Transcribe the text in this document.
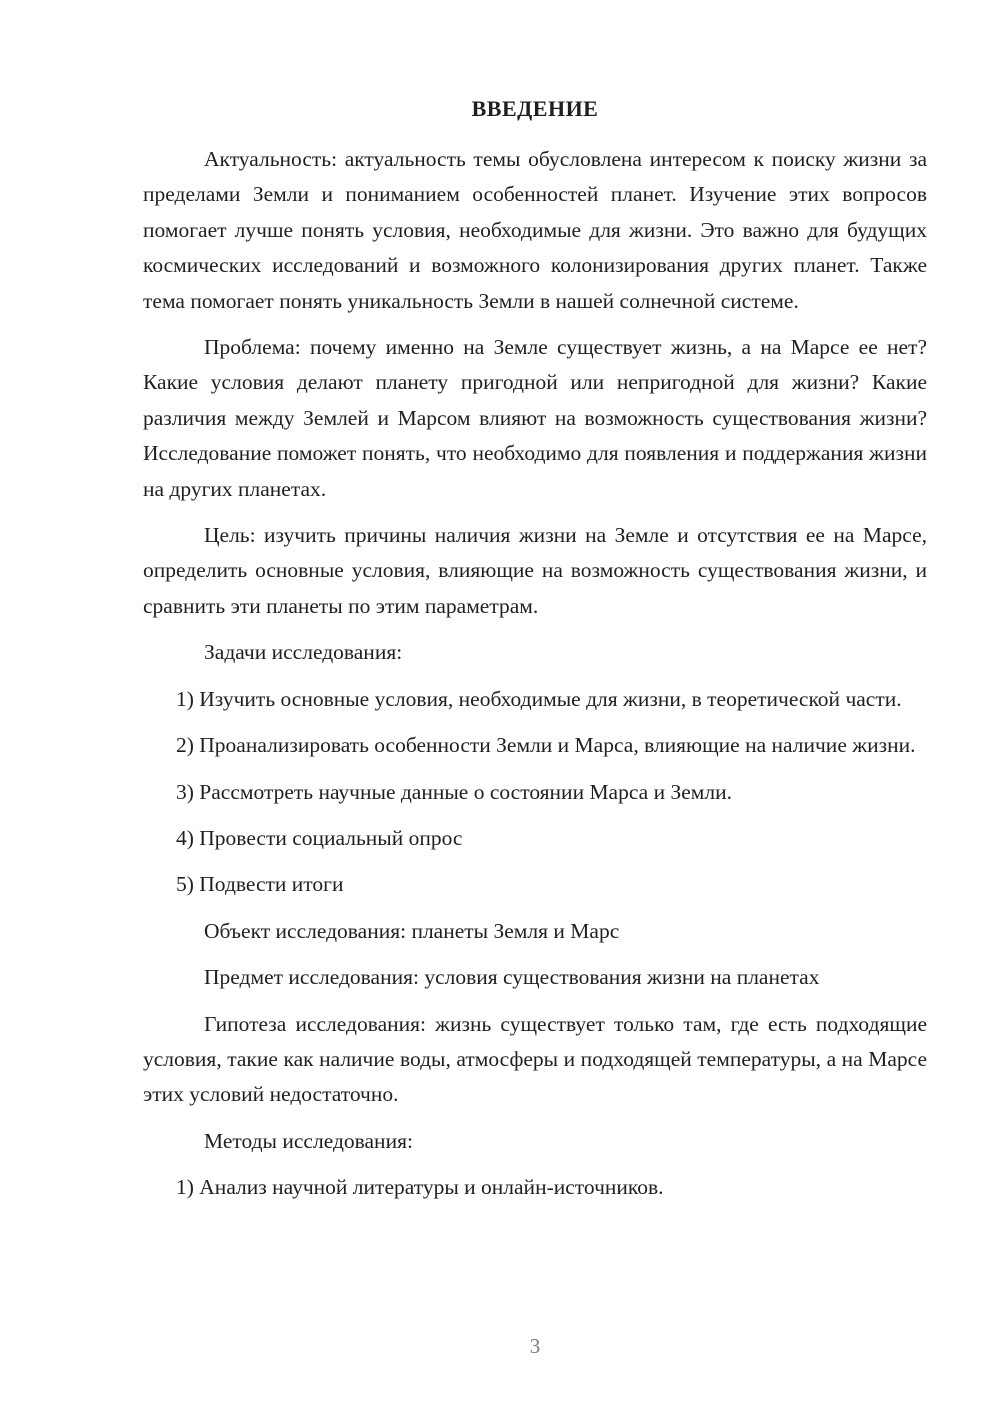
ВВЕДЕНИЕ

Актуальность: актуальность темы обусловлена интересом к поиску жизни за пределами Земли и пониманием особенностей планет. Изучение этих вопросов помогает лучше понять условия, необходимые для жизни. Это важно для будущих космических исследований и возможного колонизирования других планет. Также тема помогает понять уникальность Земли в нашей солнечной системе.

Проблема: почему именно на Земле существует жизнь, а на Марсе ее нет? Какие условия делают планету пригодной или непригодной для жизни? Какие различия между Землей и Марсом влияют на возможность существования жизни? Исследование поможет понять, что необходимо для появления и поддержания жизни на других планетах.

Цель: изучить причины наличия жизни на Земле и отсутствия ее на Марсе, определить основные условия, влияющие на возможность существования жизни, и сравнить эти планеты по этим параметрам.

Задачи исследования:

1) Изучить основные условия, необходимые для жизни, в теоретической части.

2) Проанализировать особенности Земли и Марса, влияющие на наличие жизни.

3) Рассмотреть научные данные о состоянии Марса и Земли.

4) Провести социальный опрос

5) Подвести итоги

Объект исследования: планеты Земля и Марс

Предмет исследования: условия существования жизни на планетах

Гипотеза исследования: жизнь существует только там, где есть подходящие условия, такие как наличие воды, атмосферы и подходящей температуры, а на Марсе этих условий недостаточно.

Методы исследования:

1) Анализ научной литературы и онлайн-источников.

3
